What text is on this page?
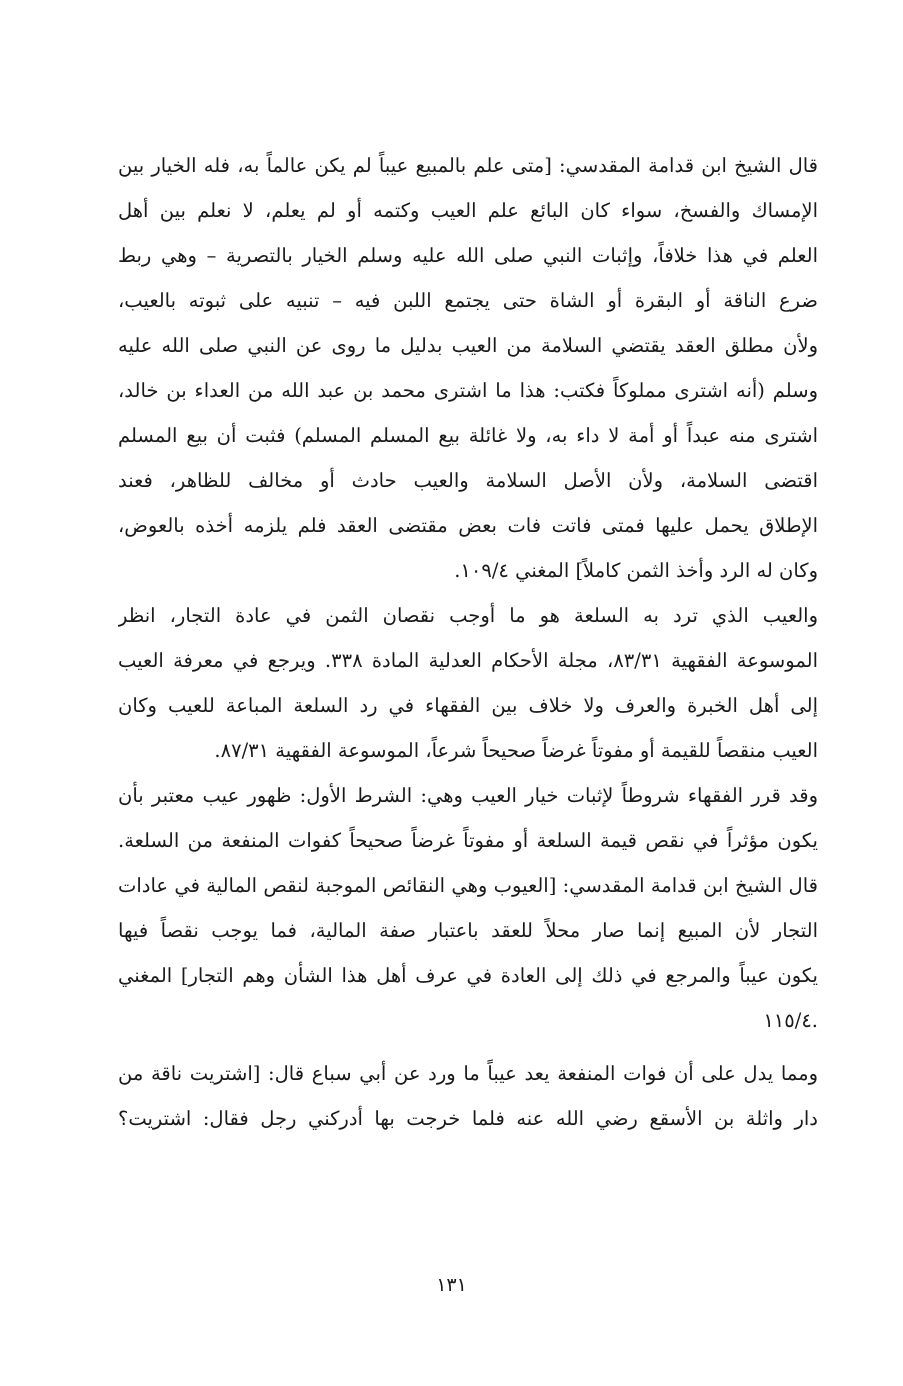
قال الشيخ ابن قدامة المقدسي: [متى علم بالمبيع عيباً لم يكن عالماً به، فله الخيار بين
الإمساك والفسخ، سواء كان البائع علم العيب وكتمه أو لم يعلم، لا نعلم بين أهل
العلم في هذا خلافاً، وإثبات النبي صلى الله عليه وسلم الخيار بالتصرية – وهي ربط
ضرع الناقة أو البقرة أو الشاة حتى يجتمع اللبن فيه – تنبيه على ثبوته بالعيب،
ولأن مطلق العقد يقتضي السلامة من العيب بدليل ما روى عن النبي صلى الله عليه
وسلم (أنه اشترى مملوكاً فكتب: هذا ما اشترى محمد بن عبد الله من العداء بن خالد،
اشترى منه عبداً أو أمة لا داء به، ولا غائلة بيع المسلم المسلم) فثبت أن بيع المسلم
اقتضى السلامة، ولأن الأصل السلامة والعيب حادث أو مخالف للظاهر، فعند
الإطلاق يحمل عليها فمتى فاتت فات بعض مقتضى العقد فلم يلزمه أخذه بالعوض،
وكان له الرد وأخذ الثمن كاملاً] المغني ١٠٩/٤.
والعيب الذي ترد به السلعة هو ما أوجب نقصان الثمن في عادة التجار، انظر
الموسوعة الفقهية ٨٣/٣١، مجلة الأحكام العدلية المادة ٣٣٨. ويرجع في معرفة العيب
إلى أهل الخبرة والعرف ولا خلاف بين الفقهاء في رد السلعة المباعة للعيب وكان
العيب منقصاً للقيمة أو مفوتاً غرضاً صحيحاً شرعاً، الموسوعة الفقهية ٨٧/٣١.
وقد قرر الفقهاء شروطاً لإثبات خيار العيب وهي: الشرط الأول: ظهور عيب معتبر بأن
يكون مؤثراً في نقص قيمة السلعة أو مفوتاً غرضاً صحيحاً كفوات المنفعة من السلعة.
قال الشيخ ابن قدامة المقدسي: [العيوب وهي النقائص الموجبة لنقص المالية في عادات
التجار لأن المبيع إنما صار محلاً للعقد باعتبار صفة المالية، فما يوجب نقصاً فيها
يكون عيباً والمرجع في ذلك إلى العادة في عرف أهل هذا الشأن وهم التجار] المغني
.١١٥/٤
ومما يدل على أن فوات المنفعة يعد عيباً ما ورد عن أبي سباع قال: [اشتريت ناقة من
دار واثلة بن الأسقع رضي الله عنه فلما خرجت بها أدركني رجل فقال: اشتريت؟
١٣١
